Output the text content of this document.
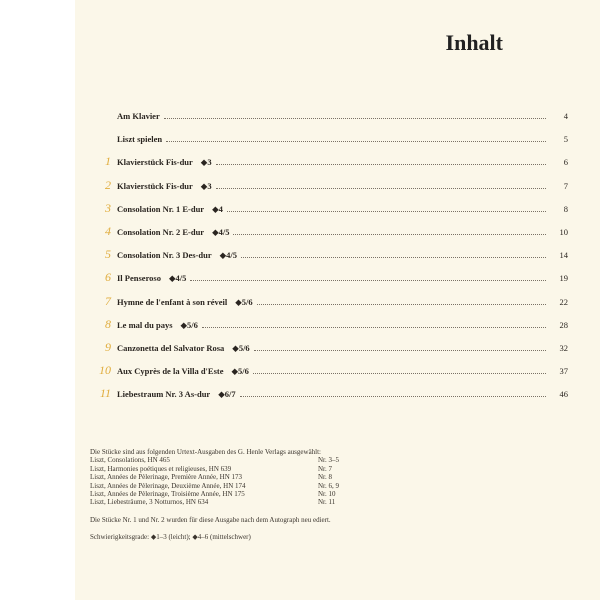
Inhalt
Am Klavier	4
Liszt spielen	5
1 Klavierstück Fis-dur ◆3	6
2 Klavierstück Fis-dur ◆3	7
3 Consolation Nr. 1 E-dur ◆4	8
4 Consolation Nr. 2 E-dur ◆4/5	10
5 Consolation Nr. 3 Des-dur ◆4/5	14
6 Il Penseroso ◆4/5	19
7 Hymne de l'enfant à son réveil ◆5/6	22
8 Le mal du pays ◆5/6	28
9 Canzonetta del Salvator Rosa ◆5/6	32
10 Aux Cyprès de la Villa d'Este ◆5/6	37
11 Liebestraum Nr. 3 As-dur ◆6/7	46
Die Stücke sind aus folgenden Urtext-Ausgaben des G. Henle Verlags ausgewählt:
Liszt, Consolations, HN 465	Nr. 3–5
Liszt, Harmonies poétiques et religieuses, HN 639	Nr. 7
Liszt, Années de Pèlerinage, Première Année, HN 173	Nr. 8
Liszt, Années de Pèlerinage, Deuxième Année, HN 174	Nr. 6, 9
Liszt, Années de Pèlerinage, Troisième Année, HN 175	Nr. 10
Liszt, Liebesträume, 3 Notturnos, HN 634	Nr. 11
Die Stücke Nr. 1 und Nr. 2 wurden für diese Ausgabe nach dem Autograph neu ediert.
Schwierigkeitsgrade: ◆1–3 (leicht); ◆4–6 (mittelschwer)
